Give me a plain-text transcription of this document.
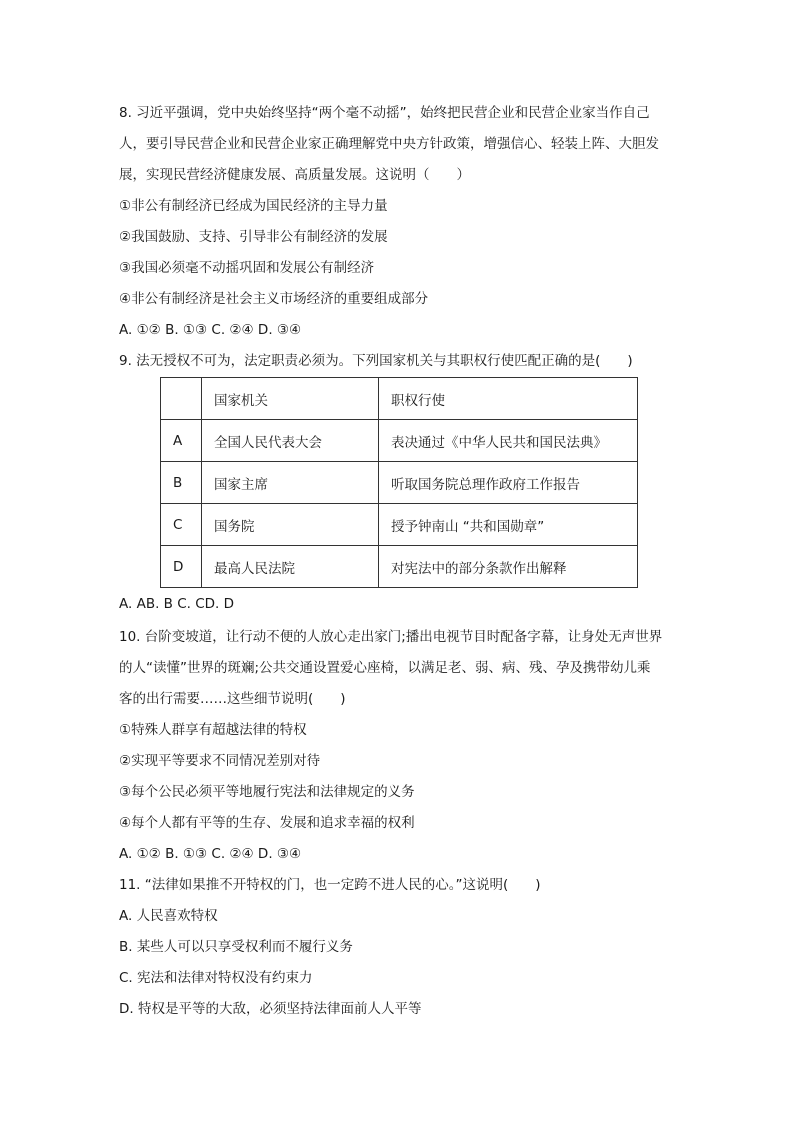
8. 习近平强调，党中央始终坚持“两个毫不动摇”，始终把民营企业和民营企业家当作自己
人，要引导民营企业和民营企业家正确理解党中央方针政策，增强信心、轻装上阵、大胆发
展，实现民营经济健康发展、高质量发展。这说明（　　）
①非公有制经济已经成为国民经济的主导力量
②我国鼓励、支持、引导非公有制经济的发展
③我国必须毫不动摇巩固和发展公有制经济
④非公有制经济是社会主义市场经济的重要组成部分
A. ①② B. ①③ C. ②④ D. ③④
9. 法无授权不可为，法定职责必须为。下列国家机关与其职权行使匹配正确的是(　　)
	国家机关	职权行使
A	全国人民代表大会	表决通过《中华人民共和国民法典》
B	国家主席	听取国务院总理作政府工作报告
C	国务院	授予钟南山 “共和国勋章”
D	最高人民法院	对宪法中的部分条款作出解释
A. AB. B C. CD. D
10. 台阶变坡道，让行动不便的人放心走出家门;播出电视节目时配备字幕，让身处无声世界
的人“读懂”世界的斑斓;公共交通设置爱心座椅，以满足老、弱、病、残、孕及携带幼儿乘
客的出行需要……这些细节说明(　　)
①特殊人群享有超越法律的特权
②实现平等要求不同情况差别对待
③每个公民必须平等地履行宪法和法律规定的义务
④每个人都有平等的生存、发展和追求幸福的权利
A. ①② B. ①③ C. ②④ D. ③④
11. “法律如果推不开特权的门，也一定跨不进人民的心。”这说明(　　)
A. 人民喜欢特权
B. 某些人可以只享受权利而不履行义务
C. 宪法和法律对特权没有约束力
D. 特权是平等的大敌，必须坚持法律面前人人平等
